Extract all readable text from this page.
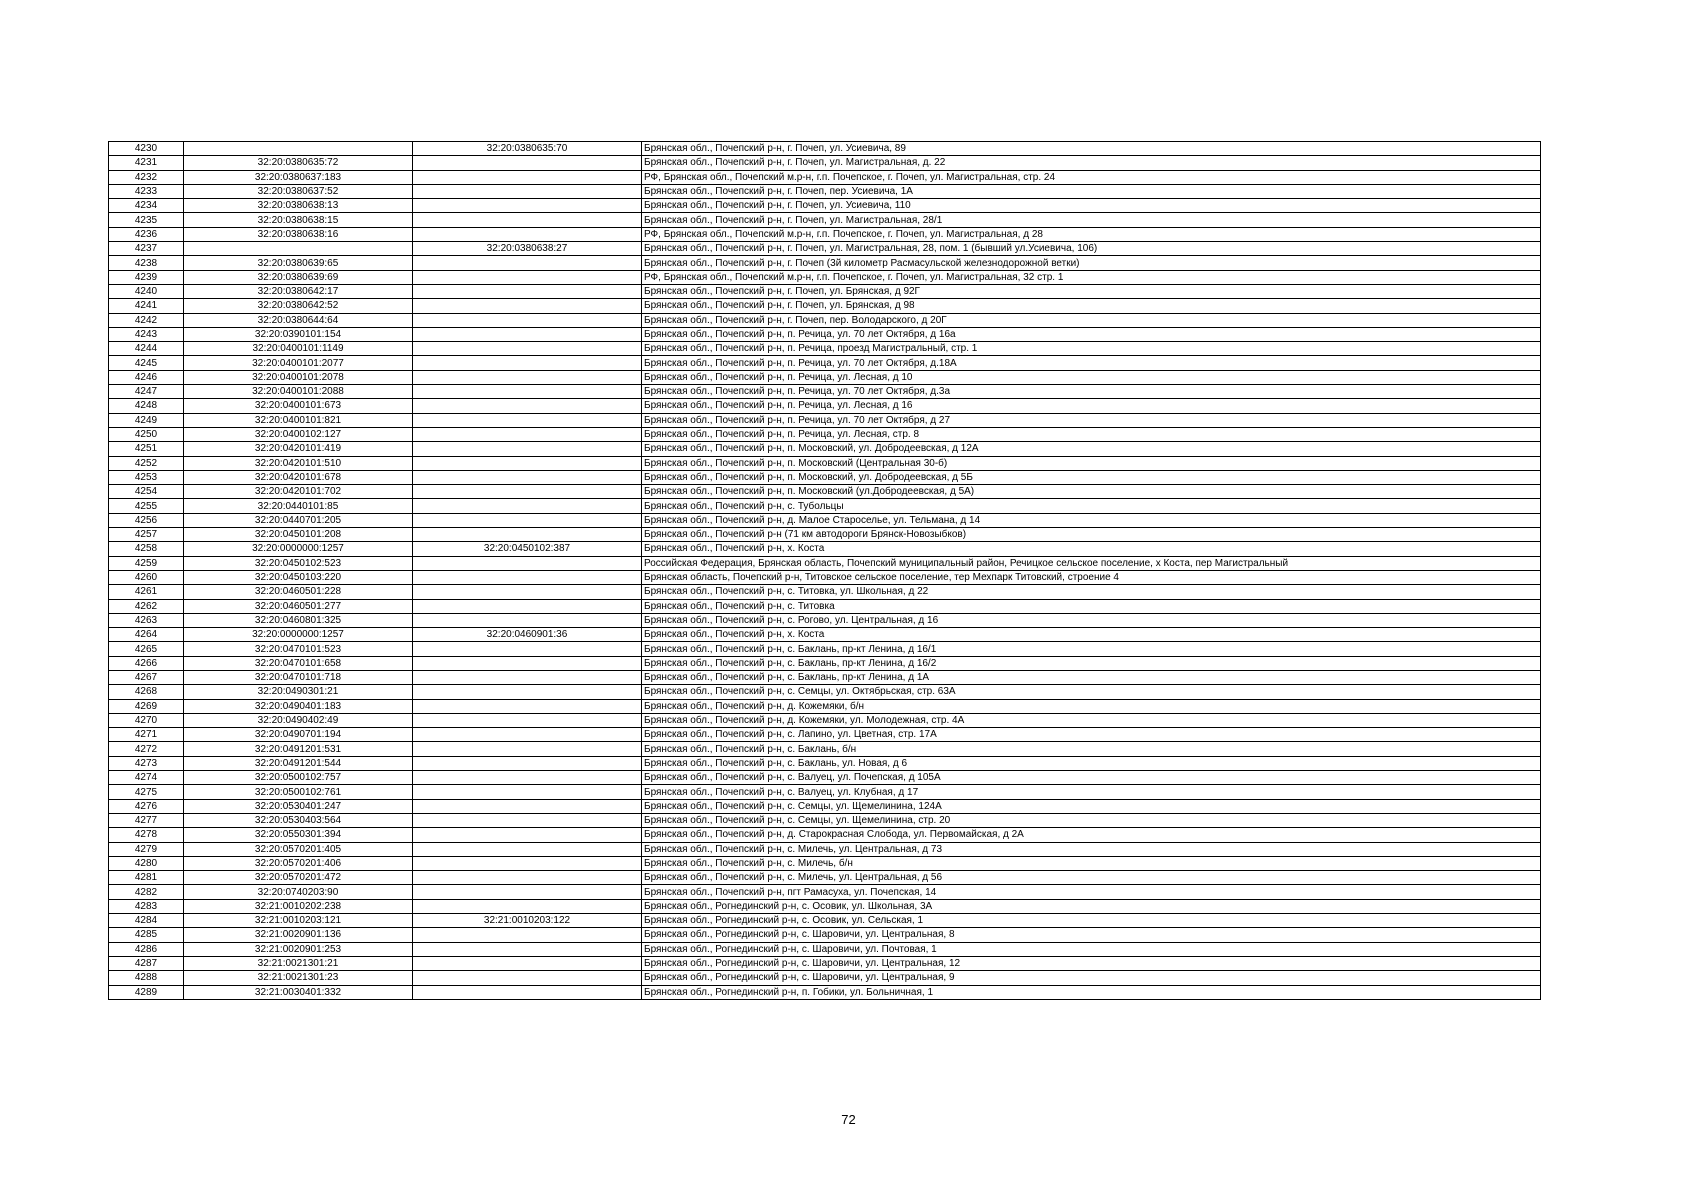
4230		32:20:0380635:70	Брянская обл., Почепский р-н, г. Почеп, ул. Усиевича, 89
4231	32:20:0380635:72		Брянская обл., Почепский р-н, г. Почеп, ул. Магистральная, д. 22
4232	32:20:0380637:183		РФ, Брянская обл., Почепский м.р-н, г.п. Почепское, г. Почеп, ул. Магистральная, стр. 24
4233	32:20:0380637:52		Брянская обл., Почепский р-н, г. Почеп, пер. Усиевича, 1А
4234	32:20:0380638:13		Брянская обл., Почепский р-н, г. Почеп, ул. Усиевича, 110
4235	32:20:0380638:15		Брянская обл., Почепский р-н, г. Почеп, ул. Магистральная, 28/1
4236	32:20:0380638:16		РФ, Брянская обл., Почепский м.р-н, г.п. Почепское, г. Почеп, ул. Магистральная, д 28
4237		32:20:0380638:27	Брянская обл., Почепский р-н, г. Почеп, ул. Магистральная, 28, пом. 1 (бывший ул.Усиевича, 106)
4238	32:20:0380639:65		Брянская обл., Почепский р-н, г. Почеп (3й километр Расмасульской железнодорожной ветки)
4239	32:20:0380639:69		РФ, Брянская обл., Почепский м.р-н, г.п. Почепское, г. Почеп, ул. Магистральная, 32 стр. 1
4240	32:20:0380642:17		Брянская обл., Почепский р-н, г. Почеп, ул. Брянская, д 92Г
4241	32:20:0380642:52		Брянская обл., Почепский р-н, г. Почеп, ул. Брянская, д 98
4242	32:20:0380644:64		Брянская обл., Почепский р-н, г. Почеп, пер. Володарского, д 20Г
4243	32:20:0390101:154		Брянская обл., Почепский р-н, п. Речица, ул. 70 лет Октября, д 16а
4244	32:20:0400101:1149		Брянская обл., Почепский р-н, п. Речица, проезд Магистральный, стр. 1
4245	32:20:0400101:2077		Брянская обл., Почепский р-н, п. Речица, ул. 70 лет Октября, д.18А
4246	32:20:0400101:2078		Брянская обл., Почепский р-н, п. Речица, ул. Лесная, д 10
4247	32:20:0400101:2088		Брянская обл., Почепский р-н, п. Речица, ул. 70 лет Октября, д.3а
4248	32:20:0400101:673		Брянская обл., Почепский р-н, п. Речица, ул. Лесная, д 16
4249	32:20:0400101:821		Брянская обл., Почепский р-н, п. Речица, ул. 70 лет Октября, д 27
4250	32:20:0400102:127		Брянская обл., Почепский р-н, п. Речица, ул. Лесная, стр. 8
4251	32:20:0420101:419		Брянская обл., Почепский р-н, п. Московский, ул. Добродеевская, д 12А
4252	32:20:0420101:510		Брянская обл., Почепский р-н, п. Московский (Центральная 30-б)
4253	32:20:0420101:678		Брянская обл., Почепский р-н, п. Московский, ул. Добродеевская, д 5Б
4254	32:20:0420101:702		Брянская обл., Почепский р-н, п. Московский (ул.Добродеевская, д 5А)
4255	32:20:0440101:85		Брянская обл., Почепский р-н, с. Тубольцы
4256	32:20:0440701:205		Брянская обл., Почепский р-н, д. Малое Староселье, ул. Тельмана, д 14
4257	32:20:0450101:208		Брянская обл., Почепский р-н (71 км автодороги Брянск-Новозыбков)
4258	32:20:0000000:1257	32:20:0450102:387	Брянская обл., Почепский р-н, х. Коста
4259	32:20:0450102:523		Российская Федерация, Брянская область, Почепский муниципальный район, Речицкое сельское поселение, х Коста, пер Магистральный
4260	32:20:0450103:220		Брянская область, Почепский р-н, Титовское сельское поселение, тер Мехпарк Титовский, строение 4
4261	32:20:0460501:228		Брянская обл., Почепский р-н, с. Титовка, ул. Школьная, д 22
4262	32:20:0460501:277		Брянская обл., Почепский р-н, с. Титовка
4263	32:20:0460801:325		Брянская обл., Почепский р-н, с. Рогово, ул. Центральная, д 16
4264	32:20:0000000:1257	32:20:0460901:36	Брянская обл., Почепский р-н, х. Коста
4265	32:20:0470101:523		Брянская обл., Почепский р-н, с. Баклань, пр-кт Ленина, д 16/1
4266	32:20:0470101:658		Брянская обл., Почепский р-н, с. Баклань, пр-кт Ленина, д 16/2
4267	32:20:0470101:718		Брянская обл., Почепский р-н, с. Баклань, пр-кт Ленина, д 1А
4268	32:20:0490301:21		Брянская обл., Почепский р-н, с. Семцы, ул. Октябрьская, стр. 63А
4269	32:20:0490401:183		Брянская обл., Почепский р-н, д. Кожемяки, б/н
4270	32:20:0490402:49		Брянская обл., Почепский р-н, д. Кожемяки, ул. Молодежная, стр. 4А
4271	32:20:0490701:194		Брянская обл., Почепский р-н, с. Лапино, ул. Цветная, стр. 17А
4272	32:20:0491201:531		Брянская обл., Почепский р-н, с. Баклань, б/н
4273	32:20:0491201:544		Брянская обл., Почепский р-н, с. Баклань, ул. Новая, д 6
4274	32:20:0500102:757		Брянская обл., Почепский р-н, с. Валуец, ул. Почепская, д 105А
4275	32:20:0500102:761		Брянская обл., Почепский р-н, с. Валуец, ул. Клубная, д 17
4276	32:20:0530401:247		Брянская обл., Почепский р-н, с. Семцы, ул. Щемелинина, 124А
4277	32:20:0530403:564		Брянская обл., Почепский р-н, с. Семцы, ул. Щемелинина, стр. 20
4278	32:20:0550301:394		Брянская обл., Почепский р-н, д. Старокрасная Слобода, ул. Первомайская, д 2А
4279	32:20:0570201:405		Брянская обл., Почепский р-н, с. Милечь, ул. Центральная, д 73
4280	32:20:0570201:406		Брянская обл., Почепский р-н, с. Милечь, б/н
4281	32:20:0570201:472		Брянская обл., Почепский р-н, с. Милечь, ул. Центральная, д 56
4282	32:20:0740203:90		Брянская обл., Почепский р-н, пгт Рамасуха, ул. Почепская, 14
4283	32:21:0010202:238		Брянская обл., Рогнединский р-н, с. Осовик, ул. Школьная, 3А
4284	32:21:0010203:121	32:21:0010203:122	Брянская обл., Рогнединский р-н, с. Осовик, ул. Сельская, 1
4285	32:21:0020901:136		Брянская обл., Рогнединский р-н, с. Шаровичи, ул. Центральная, 8
4286	32:21:0020901:253		Брянская обл., Рогнединский р-н, с. Шаровичи, ул. Почтовая, 1
4287	32:21:0021301:21		Брянская обл., Рогнединский р-н, с. Шаровичи, ул. Центральная, 12
4288	32:21:0021301:23		Брянская обл., Рогнединский р-н, с. Шаровичи, ул. Центральная, 9
4289	32:21:0030401:332		Брянская обл., Рогнединский р-н, п. Гобики, ул. Больничная, 1
72
